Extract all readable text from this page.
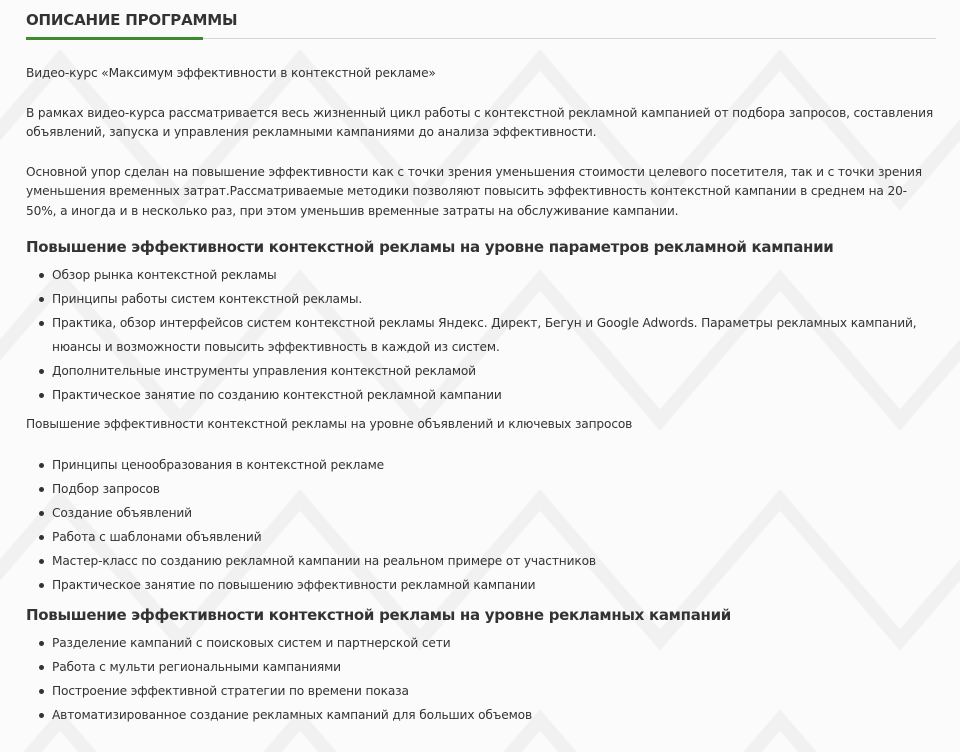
ОПИСАНИЕ ПРОГРАММЫ

Видео-курс «Максимум эффективности в контекстной рекламе»

В рамках видео-курса рассматривается весь жизненный цикл работы с контекстной рекламной кампанией от подбора запросов, составления объявлений, запуска и управления рекламными кампаниями до анализа эффективности.

Основной упор сделан на повышение эффективности как с точки зрения уменьшения стоимости целевого посетителя, так и с точки зрения уменьшения временных затрат.Рассматриваемые методики позволяют повысить эффективность контекстной кампании в среднем на 20-50%, а иногда и в несколько раз, при этом уменьшив временные затраты на обслуживание кампании.

Повышение эффективности контекстной рекламы на уровне параметров рекламной кампании
Обзор рынка контекстной рекламы
Принципы работы систем контекстной рекламы.
Практика, обзор интерфейсов систем контекстной рекламы Яндекс. Директ, Бегун и Google Adwords. Параметры рекламных кампаний, нюансы и возможности повысить эффективность в каждой из систем.
Дополнительные инструменты управления контекстной рекламой
Практическое занятие по созданию контекстной рекламной кампании

Повышение эффективности контекстной рекламы на уровне объявлений и ключевых запросов

Принципы ценообразования в контекстной рекламе
Подбор запросов
Создание объявлений
Работа с шаблонами объявлений
Мастер-класс по созданию рекламной кампании на реальном примере от участников
Практическое занятие по повышению эффективности рекламной кампании
Повышение эффективности контекстной рекламы на уровне рекламных кампаний
Разделение кампаний с поисковых систем и партнерской сети
Работа с мульти региональными кампаниями
Построение эффективной стратегии по времени показа
Автоматизированное создание рекламных кампаний для больших объемов
